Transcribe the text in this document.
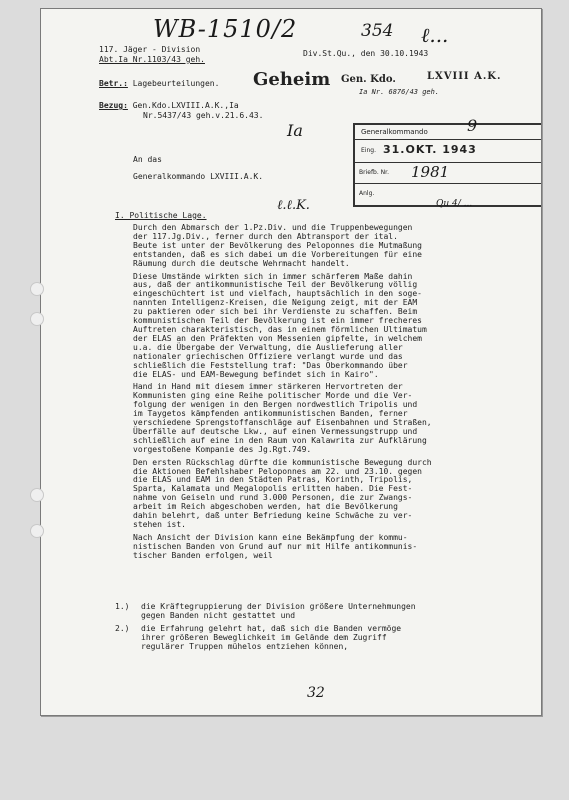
WB-1510/2	354 ℓ...
117. Jäger - Division
Abt.Ia Nr.1103/43 geh.
Div.St.Qu., den 30.10.1943
Betr.: Lagebeurteilungen. Geheim Gen. Kdo.	LXVIII A.K.
Ia Nr. 6876/43 geh.
Bezug: Gen.Kdo.LXVIII.A.K.,Ia
Nr.5437/43 geh.v.21.6.43.
Ia	Generalkommando 9
Eing. 31.OKT. 1943
Briefb. Nr. 1981
Anlg.
An das
Generalkommando LXVIII.A.K.
I. Politische Lage.
ℓ.ℓ.K.	Qu 4/ ...

Durch den Abmarsch der 1.Pz.Div. und die Truppenbewegungen
der 117.Jg.Div., ferner durch den Abtransport der ital.
Beute ist unter der Bevölkerung des Peloponnes die Mutmaßung
entstanden, daß es sich dabei um die Vorbereitungen für eine
Räumung durch die deutsche Wehrmacht handelt.

Diese Umstände wirkten sich in immer schärferem Maße dahin
aus, daß der antikommunistische Teil der Bevölkerung völlig
eingeschüchtert ist und vielfach, hauptsächlich in den soge-
nannten Intelligenz-Kreisen, die Neigung zeigt, mit der EAM
zu paktieren oder sich bei ihr Verdienste zu schaffen. Beim
kommunistischen Teil der Bevölkerung ist ein immer frecheres
Auftreten charakteristisch, das in einem förmlichen Ultimatum
der ELAS an den Präfekten von Messenien gipfelte, in welchem
u.a. die Übergabe der Verwaltung, die Auslieferung aller
nationaler griechischen Offiziere verlangt wurde und das
schließlich die Feststellung traf: "Das Oberkommando über
die ELAS- und EAM-Bewegung befindet sich in Kairo".

Hand in Hand mit diesem immer stärkeren Hervortreten der
Kommunisten ging eine Reihe politischer Morde und die Ver-
folgung der wenigen in den Bergen nordwestlich Tripolis und
im Taygetos kämpfenden antikommunistischen Banden, ferner
verschiedene Sprengstoffanschläge auf Eisenbahnen und Straßen,
Überfälle auf deutsche Lkw., auf einen Vermessungstrupp und
schließlich auf eine in den Raum von Kalawrita zur Aufklärung
vorgestoßene Kompanie des Jg.Rgt.749.

Den ersten Rückschlag dürfte die kommunistische Bewegung durch
die Aktionen Befehlshaber Peloponnes am 22. und 23.10. gegen
die ELAS und EAM in den Städten Patras, Korinth, Tripolis,
Sparta, Kalamata und Megalopolis erlitten haben. Die Fest-
nahme von Geiseln und rund 3.000 Personen, die zur Zwangs-
arbeit im Reich abgeschoben werden, hat die Bevölkerung
dahin belehrt, daß unter Befriedung keine Schwäche zu ver-
stehen ist.

Nach Ansicht der Division kann eine Bekämpfung der kommu-
nistischen Banden von Grund auf nur mit Hilfe antikommunis-
tischer Banden erfolgen, weil

1.) die Kräftegruppierung der Division größere Unternehmungen
gegen Banden nicht gestattet und
2.) die Erfahrung gelehrt hat, daß sich die Banden vermöge
ihrer größeren Beweglichkeit im Gelände dem Zugriff
regulärer Truppen mühelos entziehen können,
32
